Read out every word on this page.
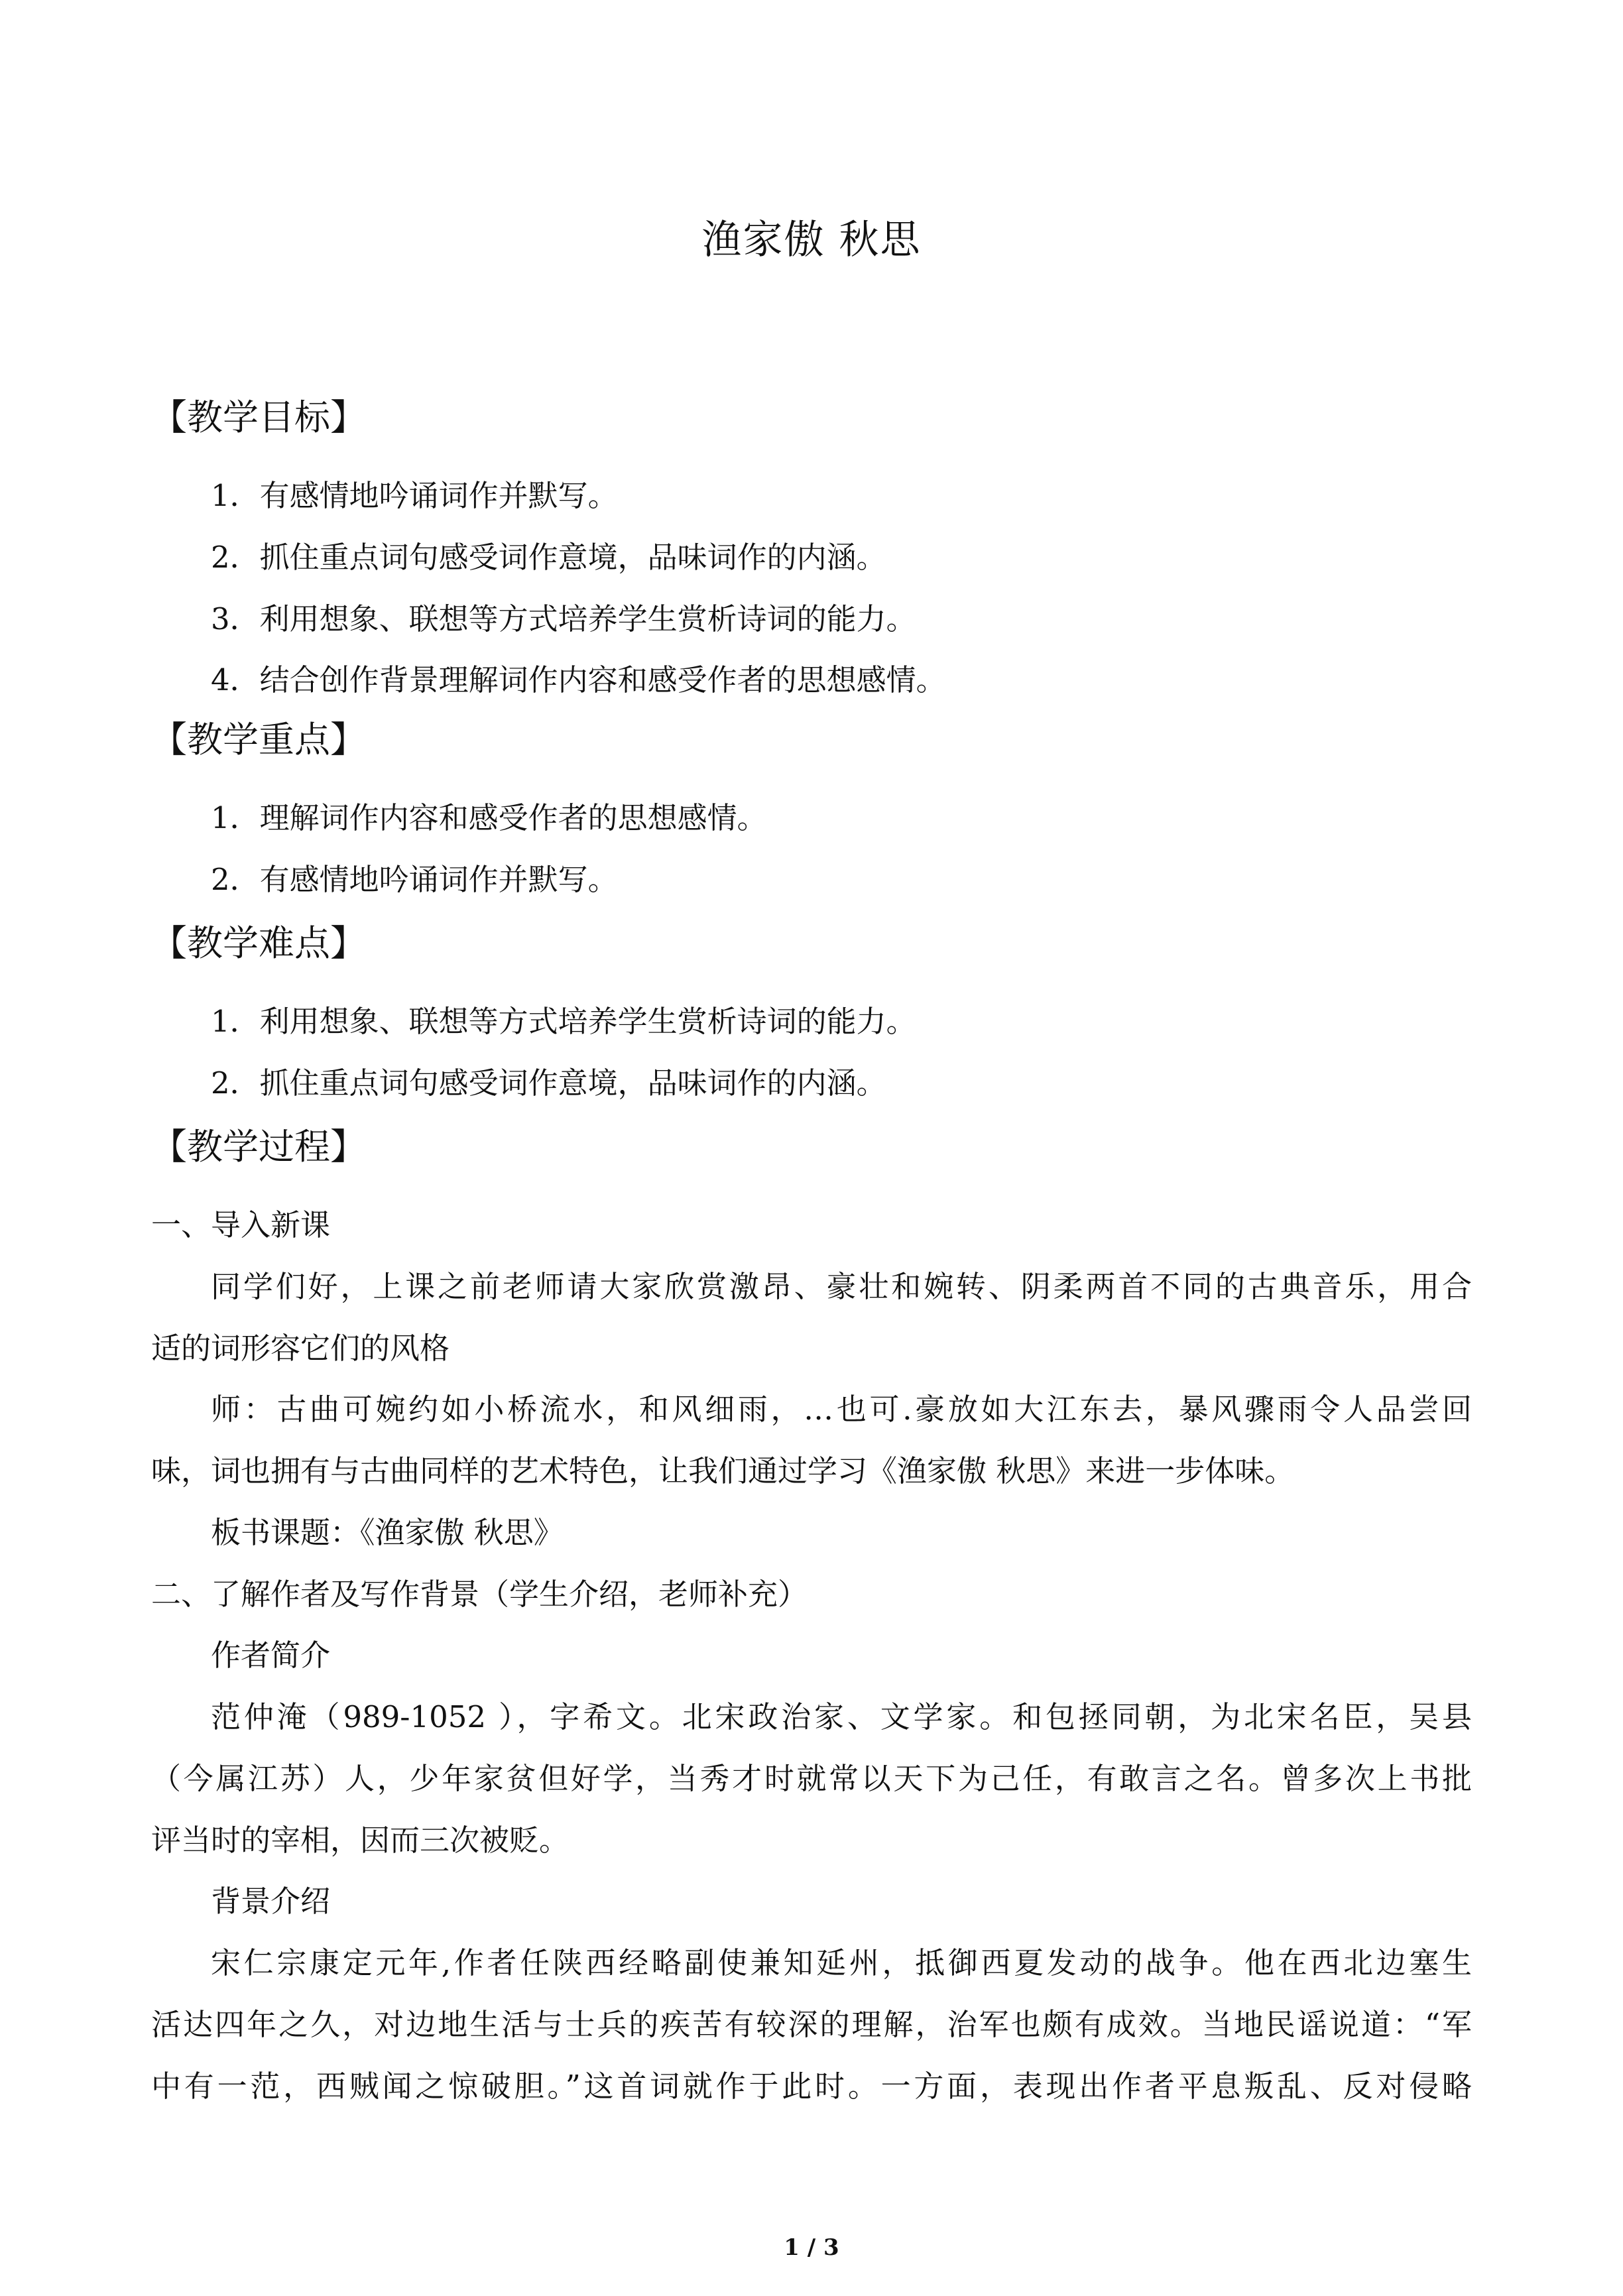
渔家傲 秋思
【教学目标】
1．有感情地吟诵词作并默写。
2．抓住重点词句感受词作意境，品味词作的内涵。
3．利用想象、联想等方式培养学生赏析诗词的能力。
4．结合创作背景理解词作内容和感受作者的思想感情。
【教学重点】
1．理解词作内容和感受作者的思想感情。
2．有感情地吟诵词作并默写。
【教学难点】
1．利用想象、联想等方式培养学生赏析诗词的能力。
2．抓住重点词句感受词作意境，品味词作的内涵。
【教学过程】
一、导入新课
同学们好，上课之前老师请大家欣赏激昂、豪壮和婉转、阴柔两首不同的古典音乐，用合
适的词形容它们的风格
师：古曲可婉约如小桥流水，和风细雨，…也可.豪放如大江东去，暴风骤雨令人品尝回
味，词也拥有与古曲同样的艺术特色，让我们通过学习《渔家傲 秋思》来进一步体味。
板书课题：《渔家傲 秋思》
二、了解作者及写作背景（学生介绍，老师补充）
作者简介
范仲淹（989-1052 ），字希文。北宋政治家、文学家。和包拯同朝，为北宋名臣，吴县
（今属江苏）人，少年家贫但好学，当秀才时就常以天下为己任，有敢言之名。曾多次上书批
评当时的宰相，因而三次被贬。
背景介绍
宋仁宗康定元年,作者任陕西经略副使兼知延州，抵御西夏发动的战争。他在西北边塞生
活达四年之久，对边地生活与士兵的疾苦有较深的理解，治军也颇有成效。当地民谣说道：“军
中有一范，西贼闻之惊破胆。”这首词就作于此时。一方面，表现出作者平息叛乱、反对侵略
1 / 3
